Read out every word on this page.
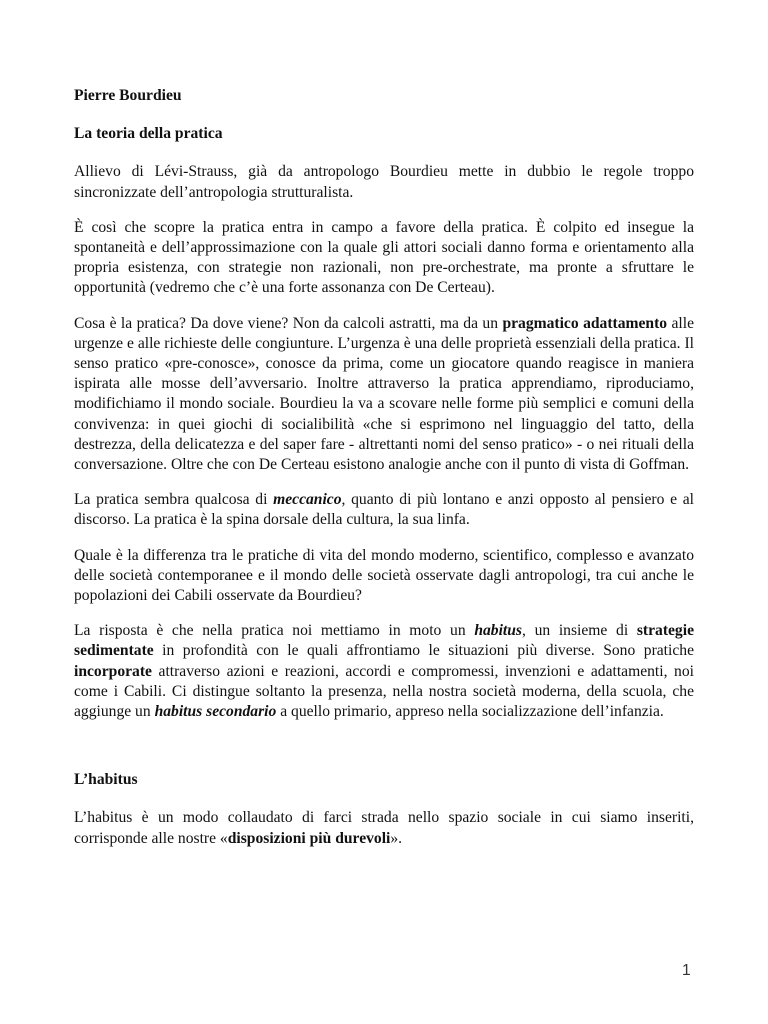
Pierre Bourdieu
La teoria della pratica

Allievo di Lévi-Strauss, già da antropologo Bourdieu mette in dubbio le regole troppo sincronizzate dell’antropologia strutturalista.

È così che scopre la pratica entra in campo a favore della pratica. È colpito ed insegue la spontaneità e dell’approssimazione con la quale gli attori sociali danno forma e orientamento alla propria esistenza, con strategie non razionali, non pre-orchestrate, ma pronte a sfruttare le opportunità (vedremo che c’è una forte assonanza con De Certeau).

Cosa è la pratica? Da dove viene? Non da calcoli astratti, ma da un pragmatico adattamento alle urgenze e alle richieste delle congiunture. L’urgenza è una delle proprietà essenziali della pratica. Il senso pratico «pre-conosce», conosce da prima, come un giocatore quando reagisce in maniera ispirata alle mosse dell’avversario. Inoltre attraverso la pratica apprendiamo, riproduciamo, modifichiamo il mondo sociale. Bourdieu la va a scovare nelle forme più semplici e comuni della convivenza: in quei giochi di socialibilità «che si esprimono nel linguaggio del tatto, della destrezza, della delicatezza e del saper fare - altrettanti nomi del senso pratico» - o nei rituali della conversazione. Oltre che con De Certeau esistono analogie anche con il punto di vista di Goffman.

La pratica sembra qualcosa di meccanico, quanto di più lontano e anzi opposto al pensiero e al discorso. La pratica è la spina dorsale della cultura, la sua linfa.

Quale è la differenza tra le pratiche di vita del mondo moderno, scientifico, complesso e avanzato delle società contemporanee e il mondo delle società osservate dagli antropologi, tra cui anche le popolazioni dei Cabili osservate da Bourdieu?

La risposta è che nella pratica noi mettiamo in moto un habitus, un insieme di strategie sedimentate in profondità con le quali affrontiamo le situazioni più diverse. Sono pratiche incorporate attraverso azioni e reazioni, accordi e compromessi, invenzioni e adattamenti, noi come i Cabili. Ci distingue soltanto la presenza, nella nostra società moderna, della scuola, che aggiunge un habitus secondario a quello primario, appreso nella socializzazione dell’infanzia.

L’habitus

L’habitus è un modo collaudato di farci strada nello spazio sociale in cui siamo inseriti, corrisponde alle nostre «disposizioni più durevoli».

1
